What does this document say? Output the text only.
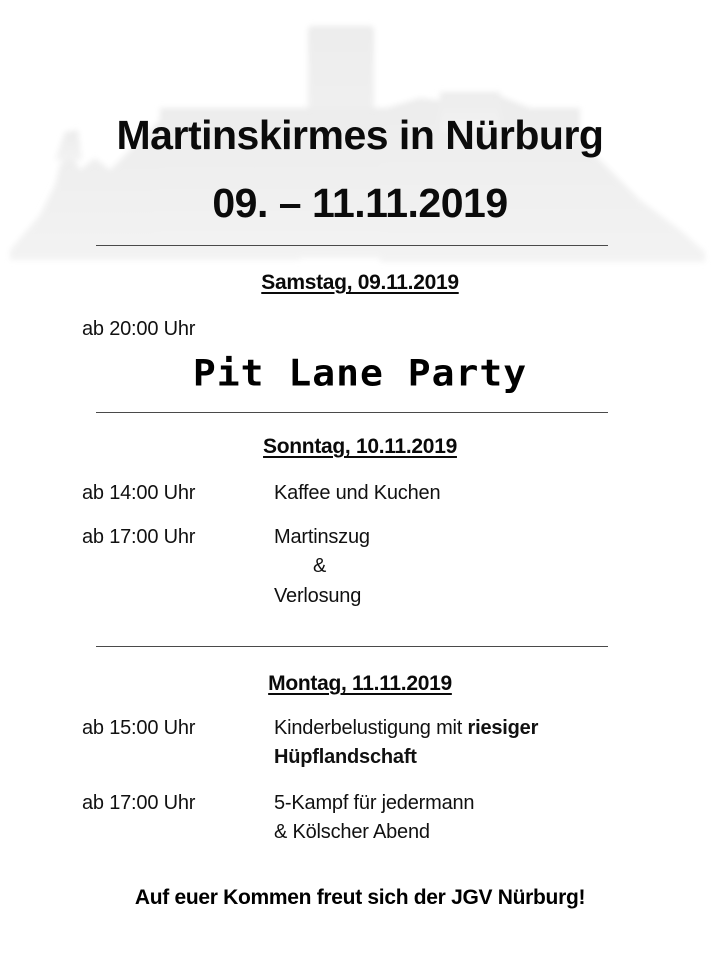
Martinskirmes in Nürburg
09. – 11.11.2019
Samstag, 09.11.2019
ab 20:00 Uhr
Pit Lane Party
Sonntag, 10.11.2019
ab 14:00 Uhr	Kaffee und Kuchen
ab 17:00 Uhr	Martinszug
&
Verlosung
Montag, 11.11.2019
ab 15:00 Uhr	Kinderbelustigung mit riesiger
Hüpflandschaft
ab 17:00 Uhr	5-Kampf für jedermann
& Kölscher Abend
Auf euer Kommen freut sich der JGV Nürburg!
